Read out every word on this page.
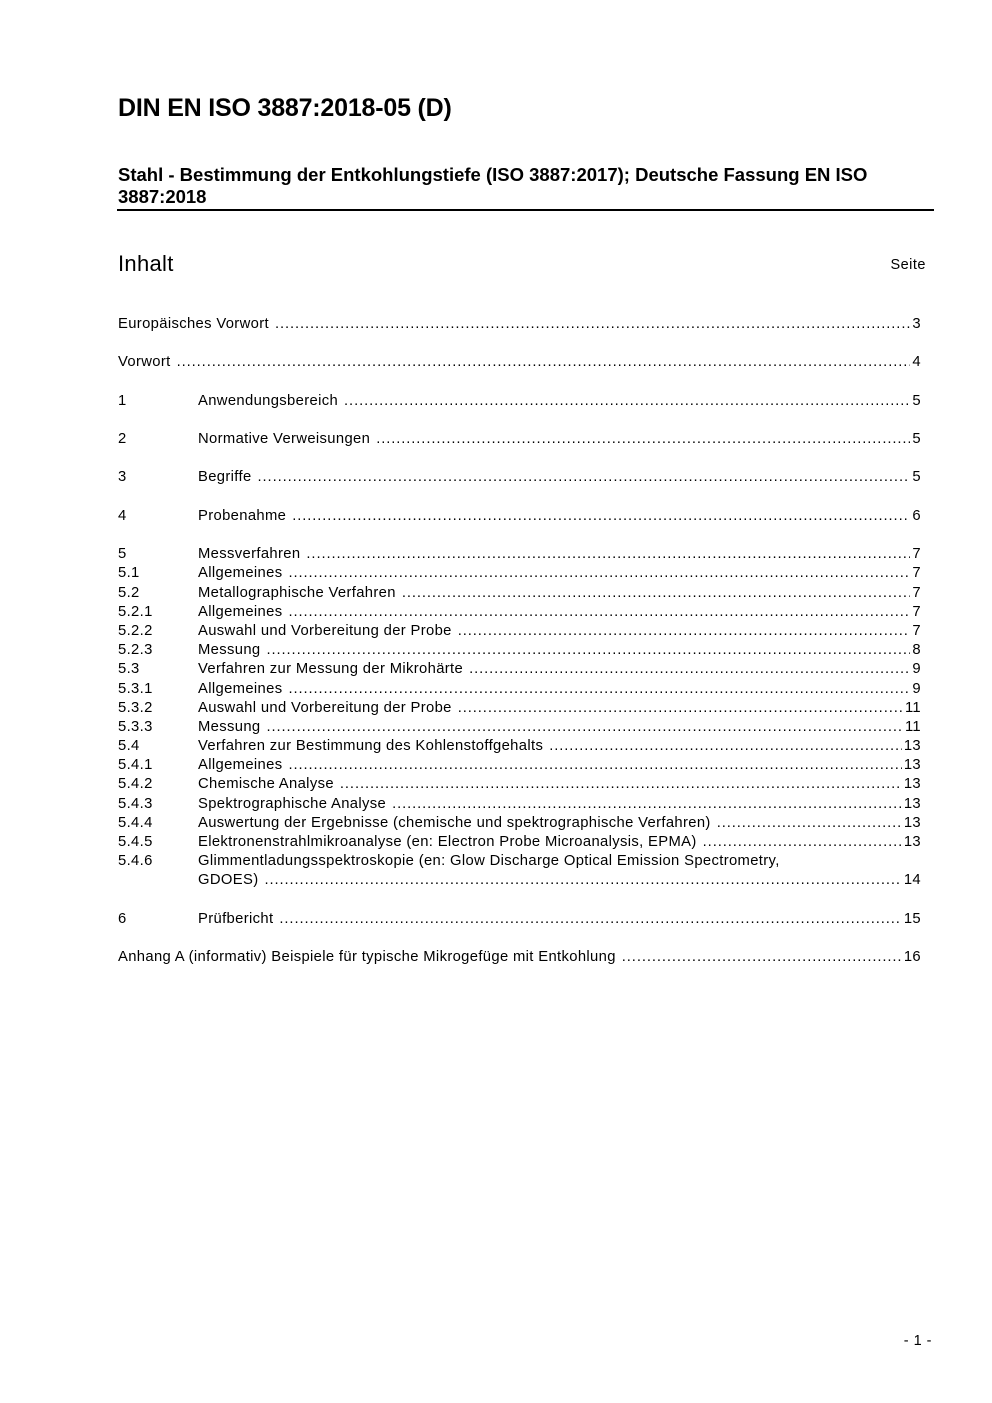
DIN EN ISO 3887:2018-05 (D)
Stahl - Bestimmung der Entkohlungstiefe (ISO 3887:2017); Deutsche Fassung EN ISO 3887:2018
Inhalt	Seite
Europäisches Vorwort .....	3
Vorwort .....	4
1	Anwendungsbereich .....	5
2	Normative Verweisungen .....	5
3	Begriffe .....	5
4	Probenahme .....	6
5	Messverfahren .....	7
5.1	Allgemeines .....	7
5.2	Metallographische Verfahren .....	7
5.2.1	Allgemeines .....	7
5.2.2	Auswahl und Vorbereitung der Probe .....	7
5.2.3	Messung .....	8
5.3	Verfahren zur Messung der Mikrohärte .....	9
5.3.1	Allgemeines .....	9
5.3.2	Auswahl und Vorbereitung der Probe .....	11
5.3.3	Messung .....	11
5.4	Verfahren zur Bestimmung des Kohlenstoffgehalts .....	13
5.4.1	Allgemeines .....	13
5.4.2	Chemische Analyse .....	13
5.4.3	Spektrographische Analyse .....	13
5.4.4	Auswertung der Ergebnisse (chemische und spektrographische Verfahren) .....	13
5.4.5	Elektronenstrahlmikroanalyse (en: Electron Probe Microanalysis, EPMA) .....	13
5.4.6	Glimmentladungsspektroskopie (en: Glow Discharge Optical Emission Spectrometry,
GDOES) .....	14
6	Prüfbericht .....	15
Anhang A (informativ) Beispiele für typische Mikrogefüge mit Entkohlung .....	16
- 1 -
